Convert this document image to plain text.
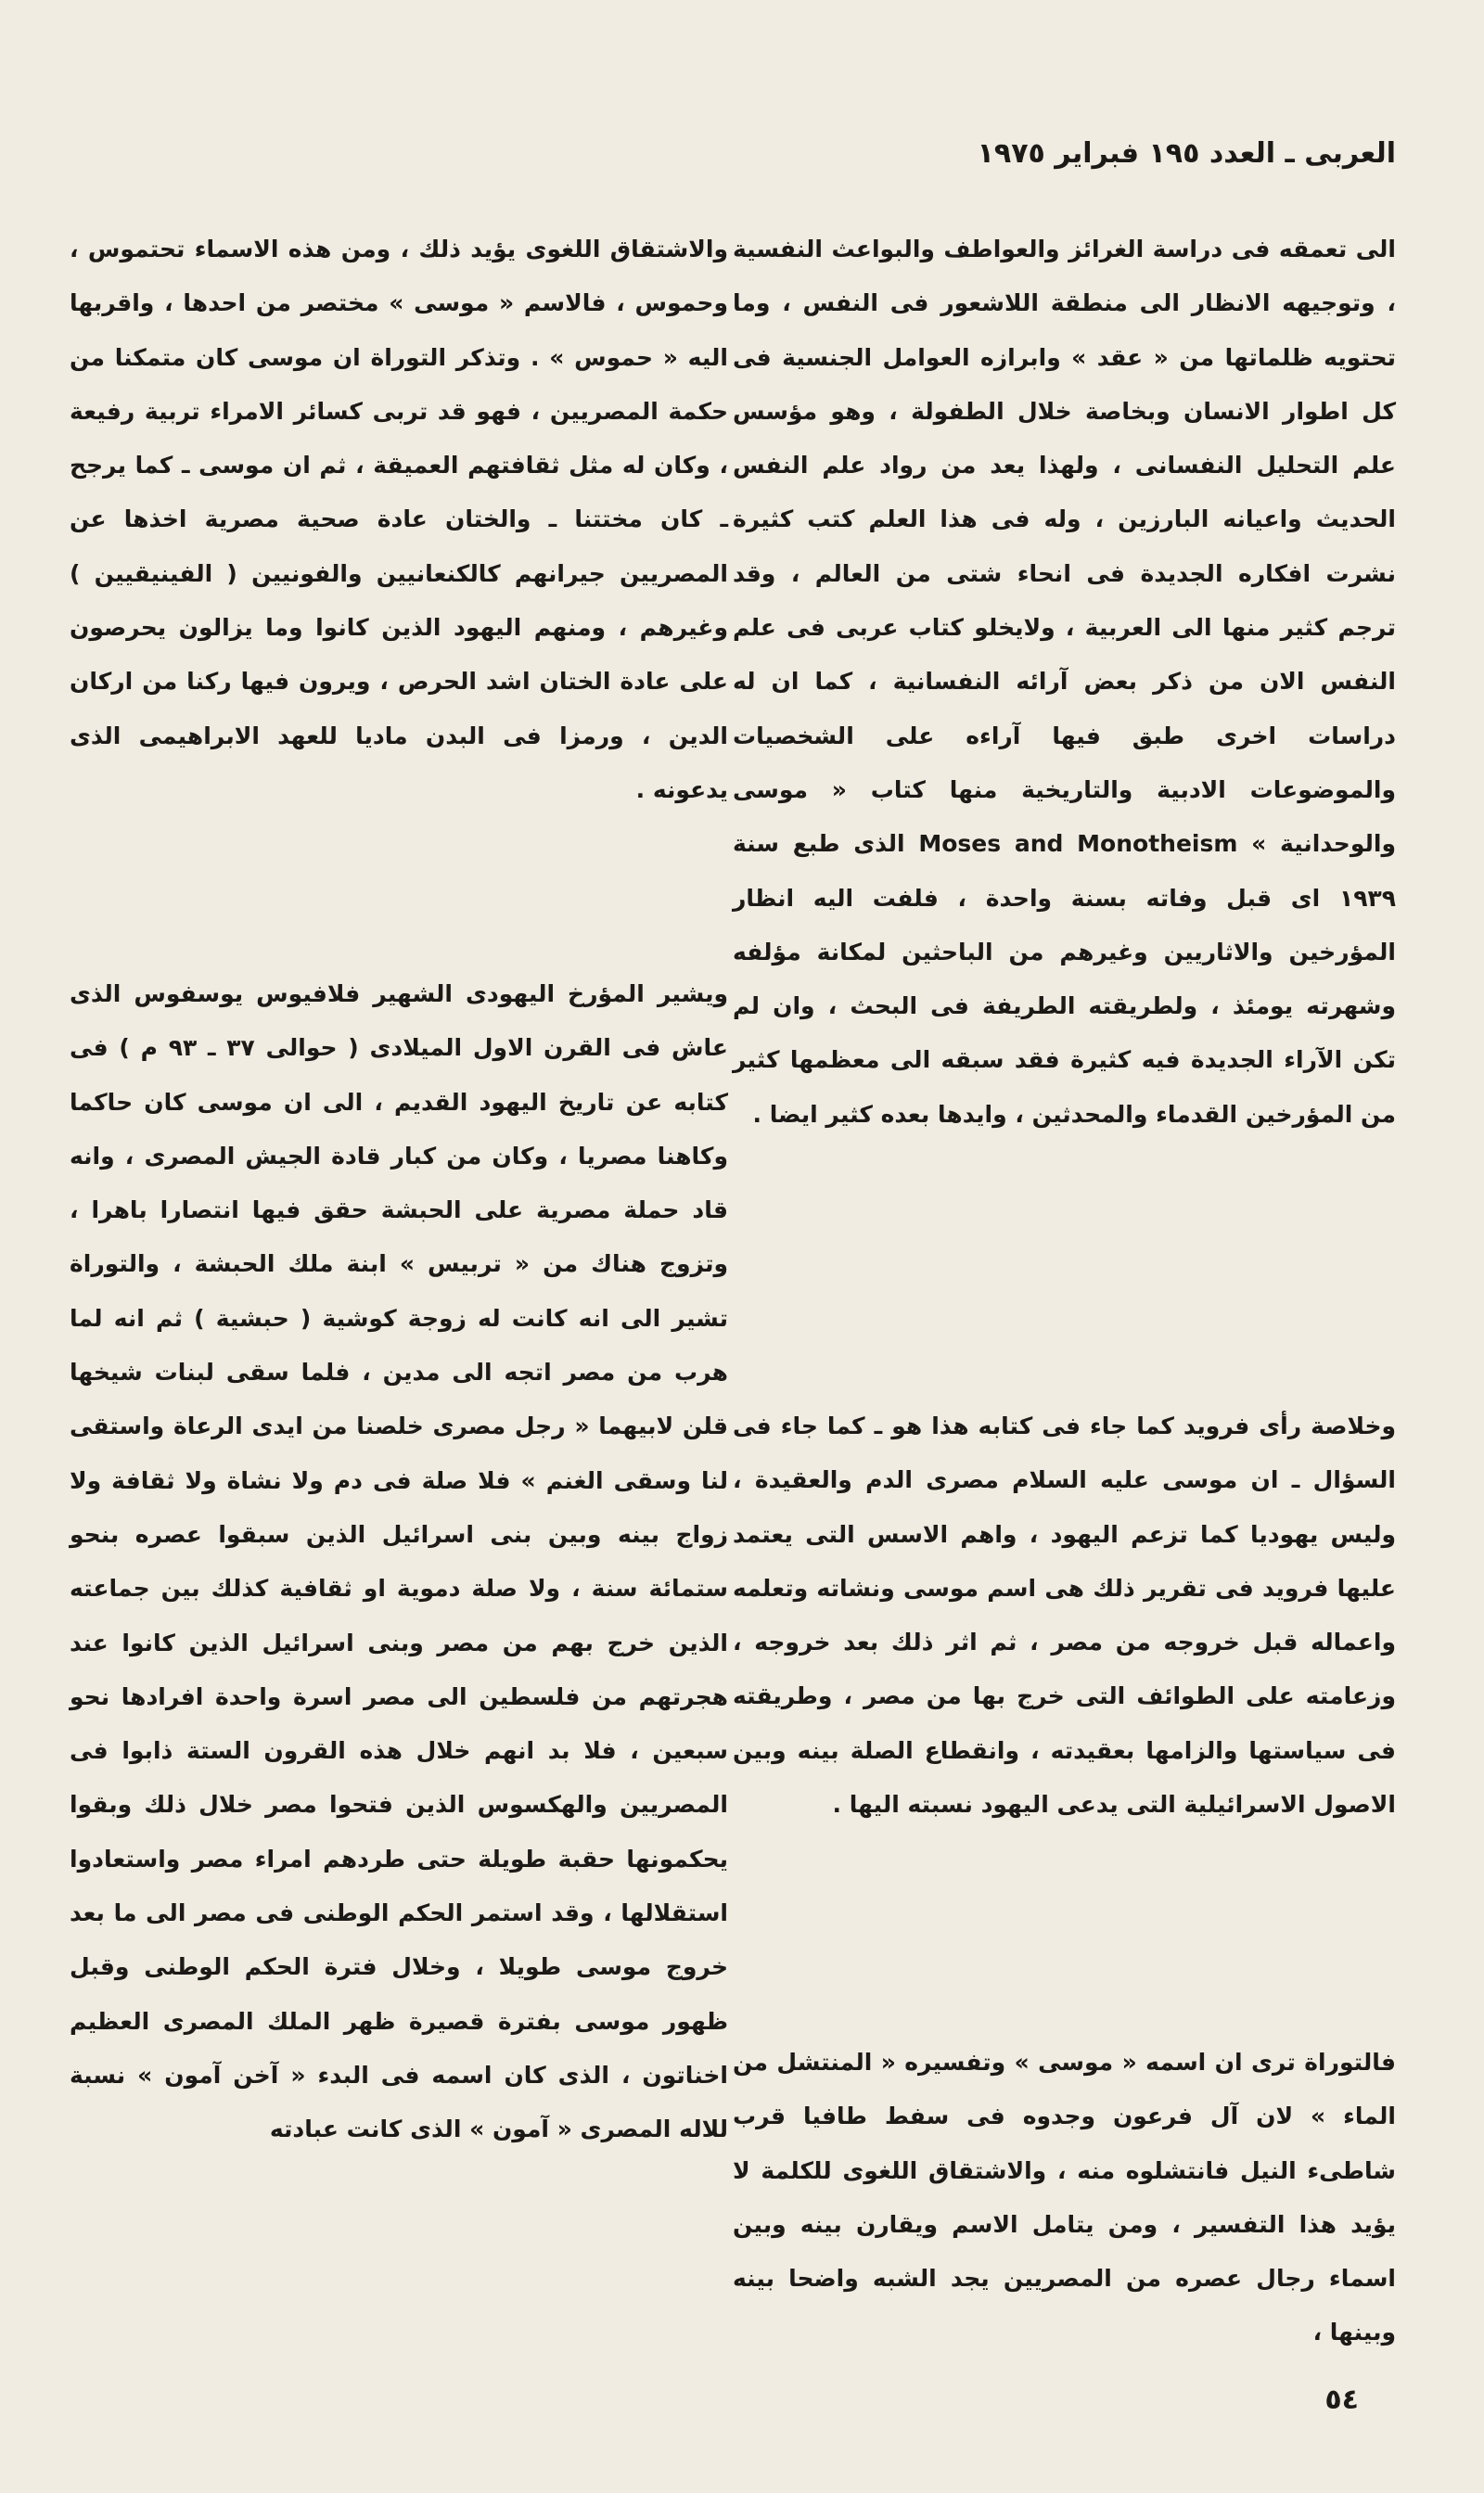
العربى ـ العدد ١٩٥ فبراير ١٩٧٥

الى تعمقه فى دراسة الغرائز والعواطف والبواعث النفسية ، وتوجيهه الانظار الى منطقة اللاشعور فى النفس ، وما تحتويه ظلماتها من « عقد » وابرازه العوامل الجنسية فى كل اطوار الانسان وبخاصة خلال الطفولة ، وهو مؤسس علم التحليل النفسانى ، ولهذا يعد من رواد علم النفس الحديث واعيانه البارزين ، وله فى هذا العلم كتب كثيرة نشرت افكاره الجديدة فى انحاء شتى من العالم ، وقد ترجم كثير منها الى العربية ، ولايخلو كتاب عربى فى علم النفس الان من ذكر بعض آرائه النفسانية ، كما ان له دراسات اخرى طبق فيها آراءه على الشخصيات والموضوعات الادبية والتاريخية منها كتاب « موسى والوحدانية » Moses and Monotheism الذى طبع سنة ١٩٣٩ اى قبل وفاته بسنة واحدة ، فلفت اليه انظار المؤرخين والاثاريين وغيرهم من الباحثين لمكانة مؤلفه وشهرته يومئذ ، ولطريقته الطريفة فى البحث ، وان لم تكن الآراء الجديدة فيه كثيرة فقد سبقه الى معظمها كثير من المؤرخين القدماء والمحدثين ، وايدها بعده كثير ايضا .

وخلاصة رأى فرويد كما جاء فى كتابه هذا هو ـ كما جاء فى السؤال ـ ان موسى عليه السلام مصرى الدم والعقيدة ، وليس يهوديا كما تزعم اليهود ، واهم الاسس التى يعتمد عليها فرويد فى تقرير ذلك هى اسم موسى ونشاته وتعلمه واعماله قبل خروجه من مصر ، ثم اثر ذلك بعد خروجه ، وزعامته على الطوائف التى خرج بها من مصر ، وطريقته فى سياستها والزامها بعقيدته ، وانقطاع الصلة بينه وبين الاصول الاسرائيلية التى يدعى اليهود نسبته اليها .

فالتوراة ترى ان اسمه « موسى » وتفسيره « المنتشل من الماء » لان آل فرعون وجدوه فى سفط طافيا قرب شاطىء النيل فانتشلوه منه ، والاشتقاق اللغوى للكلمة لا يؤيد هذا التفسير ، ومن يتامل الاسم ويقارن بينه وبين اسماء رجال عصره من المصريين يجد الشبه واضحا بينه وبينها ،

والاشتقاق اللغوى يؤيد ذلك ، ومن هذه الاسماء تحتموس ، وحموس ، فالاسم « موسى » مختصر من احدها ، واقربها اليه « حموس » . وتذكر التوراة ان موسى كان متمكنا من حكمة المصريين ، فهو قد تربى كسائر الامراء تربية رفيعة ، وكان له مثل ثقافتهم العميقة ، ثم ان موسى ـ كما يرجح ـ كان مختتنا ـ والختان عادة صحية مصرية اخذها عن المصريين جيرانهم كالكنعانيين والفونيين ( الفينيقيين ) وغيرهم ، ومنهم اليهود الذين كانوا وما يزالون يحرصون على عادة الختان اشد الحرص ، ويرون فيها ركنا من اركان الدين ، ورمزا فى البدن ماديا للعهد الابراهيمى الذى يدعونه .

ويشير المؤرخ اليهودى الشهير فلافيوس يوسفوس الذى عاش فى القرن الاول الميلادى ( حوالى ٣٧ ـ ٩٣ م ) فى كتابه عن تاريخ اليهود القديم ، الى ان موسى كان حاكما وكاهنا مصريا ، وكان من كبار قادة الجيش المصرى ، وانه قاد حملة مصرية على الحبشة حقق فيها انتصارا باهرا ، وتزوج هناك من « تربيس » ابنة ملك الحبشة ، والتوراة تشير الى انه كانت له زوجة كوشية ( حبشية ) ثم انه لما هرب من مصر اتجه الى مدين ، فلما سقى لبنات شيخها قلن لابيهما « رجل مصرى خلصنا من ايدى الرعاة واستقى لنا وسقى الغنم » فلا صلة فى دم ولا نشاة ولا ثقافة ولا زواج بينه وبين بنى اسرائيل الذين سبقوا عصره بنحو ستمائة سنة ، ولا صلة دموية او ثقافية كذلك بين جماعته الذين خرج بهم من مصر وبنى اسرائيل الذين كانوا عند هجرتهم من فلسطين الى مصر اسرة واحدة افرادها نحو سبعين ، فلا بد انهم خلال هذه القرون الستة ذابوا فى المصريين والهكسوس الذين فتحوا مصر خلال ذلك وبقوا يحكمونها حقبة طويلة حتى طردهم امراء مصر واستعادوا استقلالها ، وقد استمر الحكم الوطنى فى مصر الى ما بعد خروج موسى طويلا ، وخلال فترة الحكم الوطنى وقبل ظهور موسى بفترة قصيرة ظهر الملك المصرى العظيم اخناتون ، الذى كان اسمه فى البدء « آخن آمون » نسبة للاله المصرى « آمون » الذى كانت عبادته

٥٤
